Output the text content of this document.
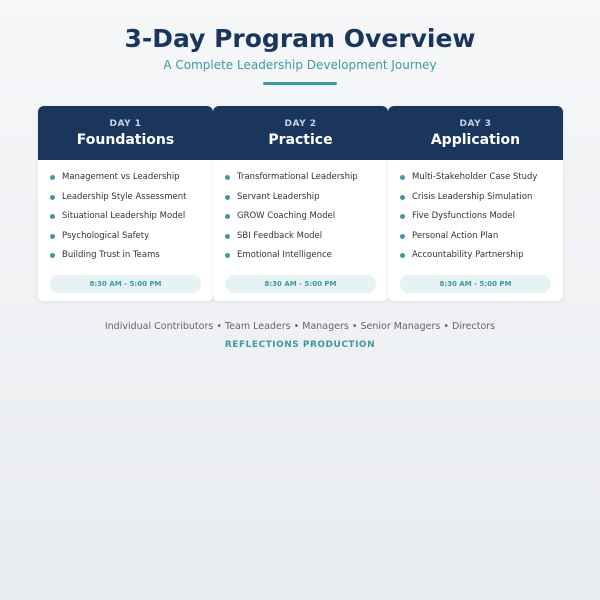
3-Day Program Overview
A Complete Leadership Development Journey
DAY 1
Foundations
Management vs Leadership
Leadership Style Assessment
Situational Leadership Model
Psychological Safety
Building Trust in Teams
8:30 AM - 5:00 PM
DAY 2
Practice
Transformational Leadership
Servant Leadership
GROW Coaching Model
SBI Feedback Model
Emotional Intelligence
8:30 AM - 5:00 PM
DAY 3
Application
Multi-Stakeholder Case Study
Crisis Leadership Simulation
Five Dysfunctions Model
Personal Action Plan
Accountability Partnership
8:30 AM - 5:00 PM
Individual Contributors • Team Leaders • Managers • Senior Managers • Directors
REFLECTIONS PRODUCTION
